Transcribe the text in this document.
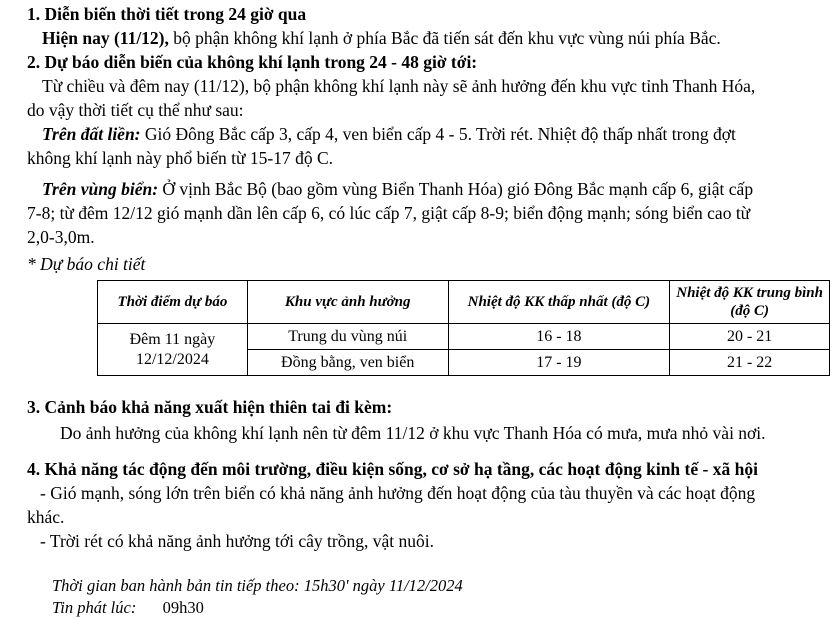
1. Diễn biến thời tiết trong 24 giờ qua
Hiện nay (11/12), bộ phận không khí lạnh ở phía Bắc đã tiến sát đến khu vực vùng núi phía Bắc.
2. Dự báo diễn biến của không khí lạnh trong 24 - 48 giờ tới:
Từ chiều và đêm nay (11/12), bộ phận không khí lạnh này sẽ ảnh hưởng đến khu vực tỉnh Thanh Hóa,
do vậy thời tiết cụ thể như sau:
Trên đất liền: Gió Đông Bắc cấp 3, cấp 4, ven biển cấp 4 - 5. Trời rét. Nhiệt độ thấp nhất trong đợt
không khí lạnh này phổ biến từ 15-17 độ C.
Trên vùng biển: Ở vịnh Bắc Bộ (bao gồm vùng Biển Thanh Hóa) gió Đông Bắc mạnh cấp 6, giật cấp
7-8; từ đêm 12/12 gió mạnh dần lên cấp 6, có lúc cấp 7, giật cấp 8-9; biển động mạnh; sóng biển cao từ
2,0-3,0m.
* Dự báo chi tiết
Thời điểm dự báo	Khu vực ảnh hưởng	Nhiệt độ KK thấp nhất (độ C)	Nhiệt độ KK trung bình (độ C)

Đêm 11 ngày
12/12/2024	Trung du vùng núi	16 - 18	20 - 21
	Đồng bằng, ven biển	17 - 19	21 - 22
3. Cảnh báo khả năng xuất hiện thiên tai đi kèm:
Do ảnh hưởng của không khí lạnh nên từ đêm 11/12 ở khu vực Thanh Hóa có mưa, mưa nhỏ vài nơi.
4. Khả năng tác động đến môi trường, điều kiện sống, cơ sở hạ tầng, các hoạt động kinh tế - xã hội
- Gió mạnh, sóng lớn trên biển có khả năng ảnh hưởng đến hoạt động của tàu thuyền và các hoạt động
khác.
- Trời rét có khả năng ảnh hưởng tới cây trồng, vật nuôi.
Thời gian ban hành bản tin tiếp theo: 15h30' ngày 11/12/2024
Tin phát lúc: 09h30
